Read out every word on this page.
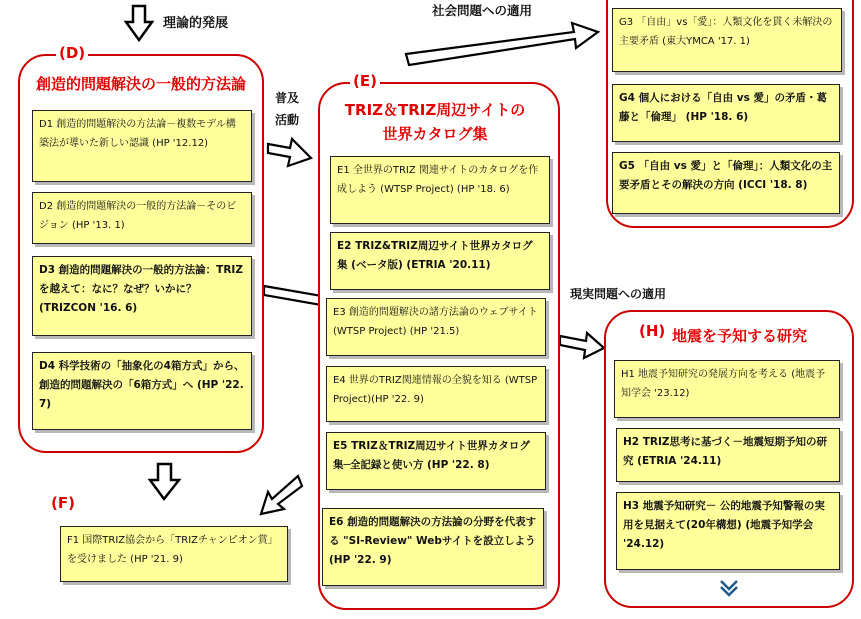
理論的発展
社会問題への適用
普及
活動
現実問題への適用
(D)
創造的問題解決の一般的方法論
D1 創造的問題解決の方法論－複数モデル構築法が導いた新しい認識 (HP '12.12)
D2 創造的問題解決の一般的方法論－そのビジョン (HP '13. 1)
D3 創造的問題解決の一般的方法論：TRIZを越えて：なに？なぜ？いかに？ (TRIZCON '16. 6)
D4 科学技術の「抽象化の4箱方式」から、創造的問題解決の「6箱方式」へ (HP '22. 7)
(E)
TRIZ＆TRIZ周辺サイトの
世界カタログ集
E1 全世界のTRIZ 関連サイトのカタログを作成しよう (WTSP Project) (HP '18. 6)
E2 TRIZ&TRIZ周辺サイト世界カタログ集 (ベータ版) (ETRIA '20.11)
E3 創造的問題解決の諸方法論のウェブサイト (WTSP Project) (HP '21.5)
E4 世界のTRIZ関連情報の全貌を知る (WTSP Project)(HP '22. 9)
E5 TRIZ＆TRIZ周辺サイト世界カタログ集─全記録と使い方 (HP '22. 8)
E6 創造的問題解決の方法論の分野を代表する "SI-Review" Webサイトを設立しよう (HP '22. 9)
(F)
F1 国際TRIZ協会から「TRIZチャンピオン賞」を受けました (HP '21. 9)
G3 「自由」vs「愛」：人類文化を貫く未解決の主要矛盾 (東大YMCA '17. 1)
G4 個人における「自由 vs 愛」の矛盾・葛藤と「倫理」 (HP '18. 6)
G5 「自由 vs 愛」と「倫理」：人類文化の主要矛盾とその解決の方向 (ICCI '18. 8)
(H) 地震を予知する研究
H1 地震予知研究の発展方向を考える (地震予知学会 '23.12)
H2 TRIZ思考に基づく－地震短期予知の研究 (ETRIA '24.11)
H3 地震予知研究－ 公的地震予知警報の実用を見据えて(20年構想) (地震予知学会 '24.12)
